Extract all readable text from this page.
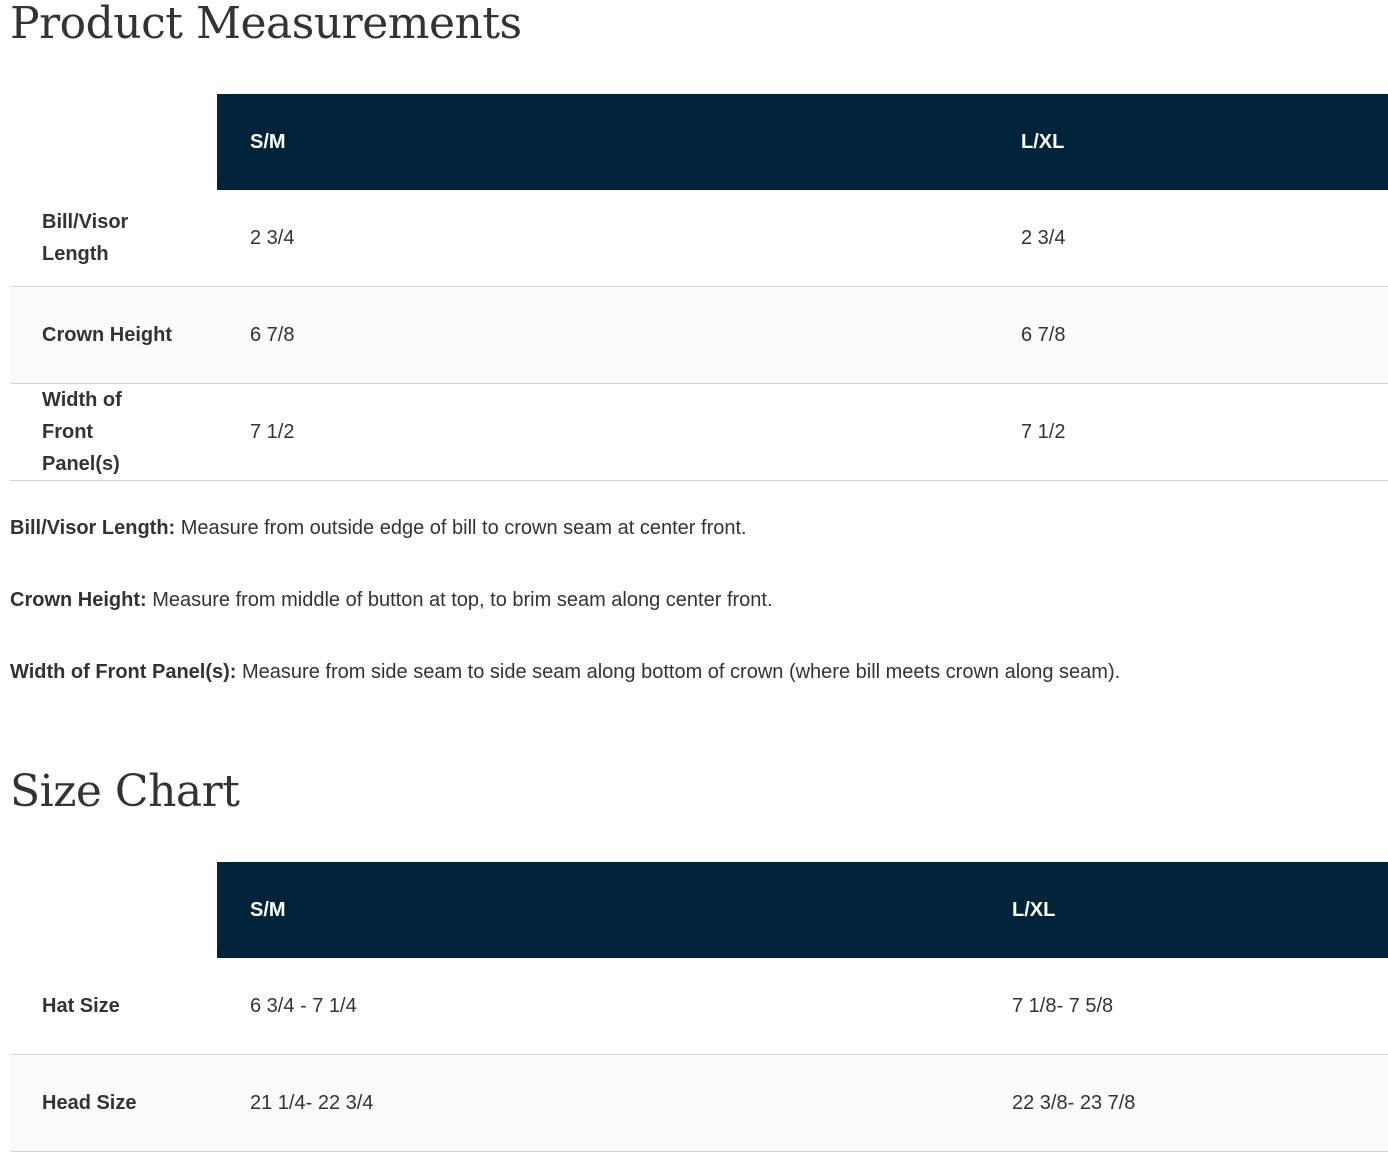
Product Measurements
	S/M	L/XL
Bill/Visor Length	2 3/4	2 3/4
Crown Height	6 7/8	6 7/8
Width of Front Panel(s)	7 1/2	7 1/2

Bill/Visor Length: Measure from outside edge of bill to crown seam at center front.

Crown Height: Measure from middle of button at top, to brim seam along center front.

Width of Front Panel(s): Measure from side seam to side seam along bottom of crown (where bill meets crown along seam).

Size Chart
	S/M	L/XL
Hat Size	6 3/4 - 7 1/4	7 1/8- 7 5/8
Head Size	21 1/4- 22 3/4	22 3/8- 23 7/8
